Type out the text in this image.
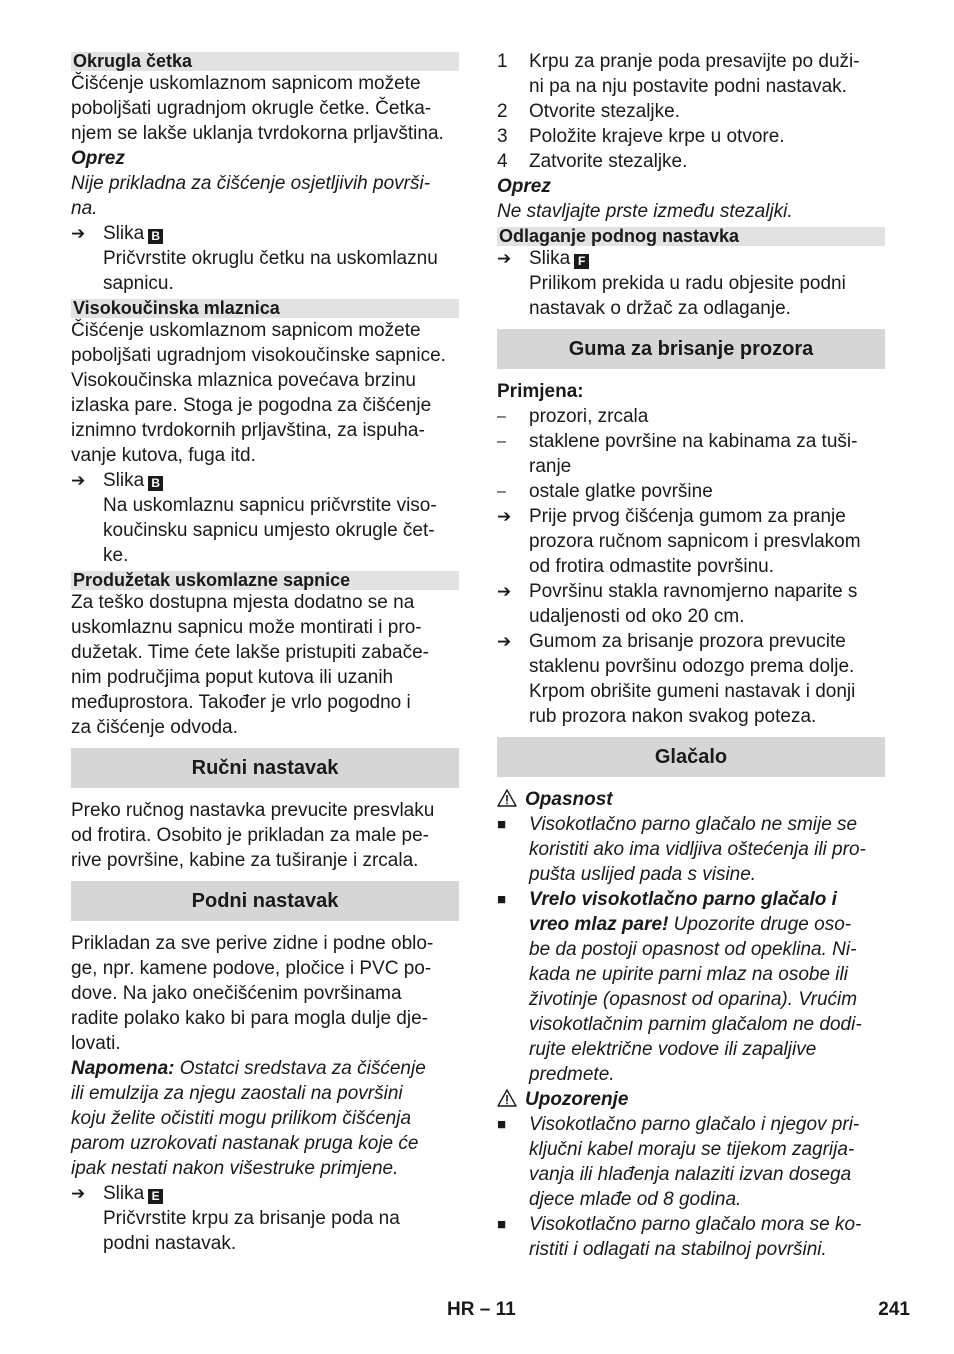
Okrugla četka

Čišćenje uskomlaznom sapnicom možete

poboljšati ugradnjom okrugle četke. Četka-

njem se lakše uklanja tvrdokorna prljavština.

Oprez

Nije prikladna za čišćenje osjetljivih površi-

na.

➔ Slika B

Pričvrstite okruglu četku na uskomlaznu

sapnicu.

Visokoučinska mlaznica

Čišćenje uskomlaznom sapnicom možete

poboljšati ugradnjom visokoučinske sapnice.

Visokoučinska mlaznica povećava brzinu

izlaska pare. Stoga je pogodna za čišćenje

iznimno tvrdokornih prljavština, za ispuha-

vanje kutova, fuga itd.

➔ Slika B

Na uskomlaznu sapnicu pričvrstite viso-

koučinsku sapnicu umjesto okrugle čet-

ke.

Produžetak uskomlazne sapnice

Za teško dostupna mjesta dodatno se na

uskomlaznu sapnicu može montirati i pro-

dužetak. Time ćete lakše pristupiti zabače-

nim područjima poput kutova ili uzanih

međuprostora. Također je vrlo pogodno i

za čišćenje odvoda.

Ručni nastavak

Preko ručnog nastavka prevucite presvlaku

od frotira. Osobito je prikladan za male pe-

rive površine, kabine za tuširanje i zrcala.

Podni nastavak

Prikladan za sve perive zidne i podne oblo-

ge, npr. kamene podove, pločice i PVC po-

dove. Na jako onečišćenim površinama

radite polako kako bi para mogla dulje dje-

lovati.

Napomena: Ostatci sredstava za čišćenje

ili emulzija za njegu zaostali na površini

koju želite očistiti mogu prilikom čišćenja

parom uzrokovati nastanak pruga koje će

ipak nestati nakon višestruke primjene.

➔ Slika E

Pričvrstite krpu za brisanje poda na

podni nastavak.

1	Krpu za pranje poda presavijte po duži-

ni pa na nju postavite podni nastavak.

2	Otvorite stezaljke.
3	Položite krajeve krpe u otvore.
4	Zatvorite stezaljke.

Oprez

Ne stavljajte prste između stezaljki.

Odlaganje podnog nastavka
➔ Slika F

Prilikom prekida u radu objesite podni

nastavak o držač za odlaganje.

Guma za brisanje prozora

Primjena:

–	prozori, zrcala
–	staklene površine na kabinama za tuši-

ranje

–	ostale glatke površine
➔ Prije prvog čišćenja gumom za pranje

prozora ručnom sapnicom i presvlakom

od frotira odmastite površinu.

➔ Površinu stakla ravnomjerno naparite s

udaljenosti od oko 20 cm.

➔ Gumom za brisanje prozora prevucite

staklenu površinu odozgo prema dolje.

Krpom obrišite gumeni nastavak i donji

rub prozora nakon svakog poteza.

Glačalo

Opasnost

■	Visokotlačno parno glačalo ne smije se

koristiti ako ima vidljiva oštećenja ili pro-

pušta uslijed pada s visine.

■	Vrelo visokotlačno parno glačalo i

vreo mlaz pare! Upozorite druge oso-

be da postoji opasnost od opeklina. Ni-

kada ne upirite parni mlaz na osobe ili

životinje (opasnost od oparina). Vrućim

visokotlačnim parnim glačalom ne dodi-

rujte električne vodove ili zapaljive

predmete.

Upozorenje

■	Visokotlačno parno glačalo i njegov pri-

ključni kabel moraju se tijekom zagrija-

vanja ili hlađenja nalaziti izvan dosega

djece mlađe od 8 godina.

■	Visokotlačno parno glačalo mora se ko-

ristiti i odlagati na stabilnoj površini.

HR – 11	241
